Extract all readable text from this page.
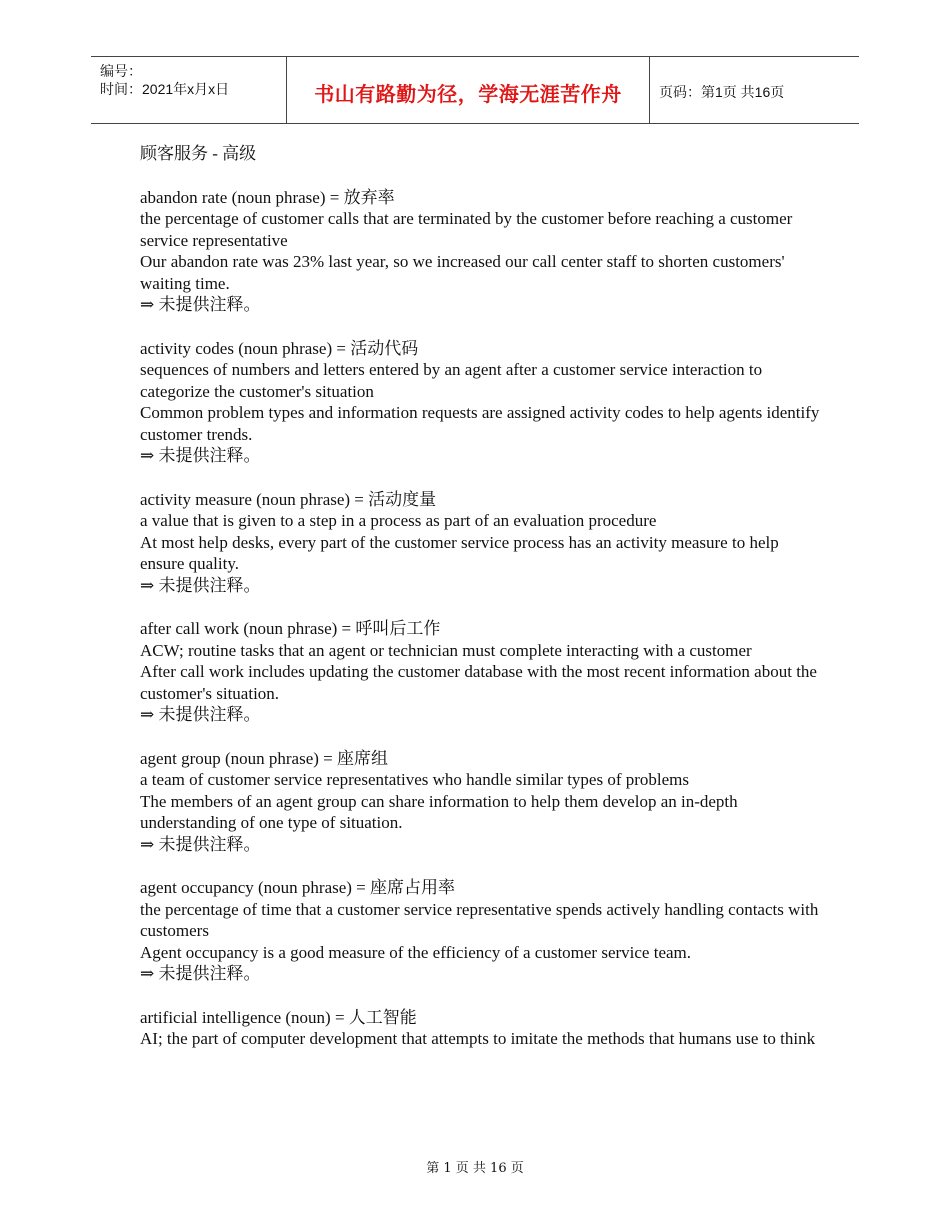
编号：
时间：2021年x月x日	书山有路勤为径，学海无涯苦作舟	页码：第1页 共16页

顾客服务 - 高级

abandon rate (noun phrase) = 放弃率

the percentage of customer calls that are terminated by the customer before reaching a customer service representative

Our abandon rate was 23% last year, so we increased our call center staff to shorten customers' waiting time.

⇒ 未提供注释。

activity codes (noun phrase) = 活动代码

sequences of numbers and letters entered by an agent after a customer service interaction to categorize the customer's situation

Common problem types and information requests are assigned activity codes to help agents identify customer trends.

⇒ 未提供注释。

activity measure (noun phrase) = 活动度量

a value that is given to a step in a process as part of an evaluation procedure

At most help desks, every part of the customer service process has an activity measure to help ensure quality.

⇒ 未提供注释。

after call work (noun phrase) = 呼叫后工作

ACW; routine tasks that an agent or technician must complete interacting with a customer

After call work includes updating the customer database with the most recent information about the customer's situation.

⇒ 未提供注释。

agent group (noun phrase) = 座席组

a team of customer service representatives who handle similar types of problems

The members of an agent group can share information to help them develop an in-depth understanding of one type of situation.

⇒ 未提供注释。

agent occupancy (noun phrase) = 座席占用率

the percentage of time that a customer service representative spends actively handling contacts with customers

Agent occupancy is a good measure of the efficiency of a customer service team.

⇒ 未提供注释。

artificial intelligence (noun) = 人工智能

AI; the part of computer development that attempts to imitate the methods that humans use to think

第 1 页 共 16 页
